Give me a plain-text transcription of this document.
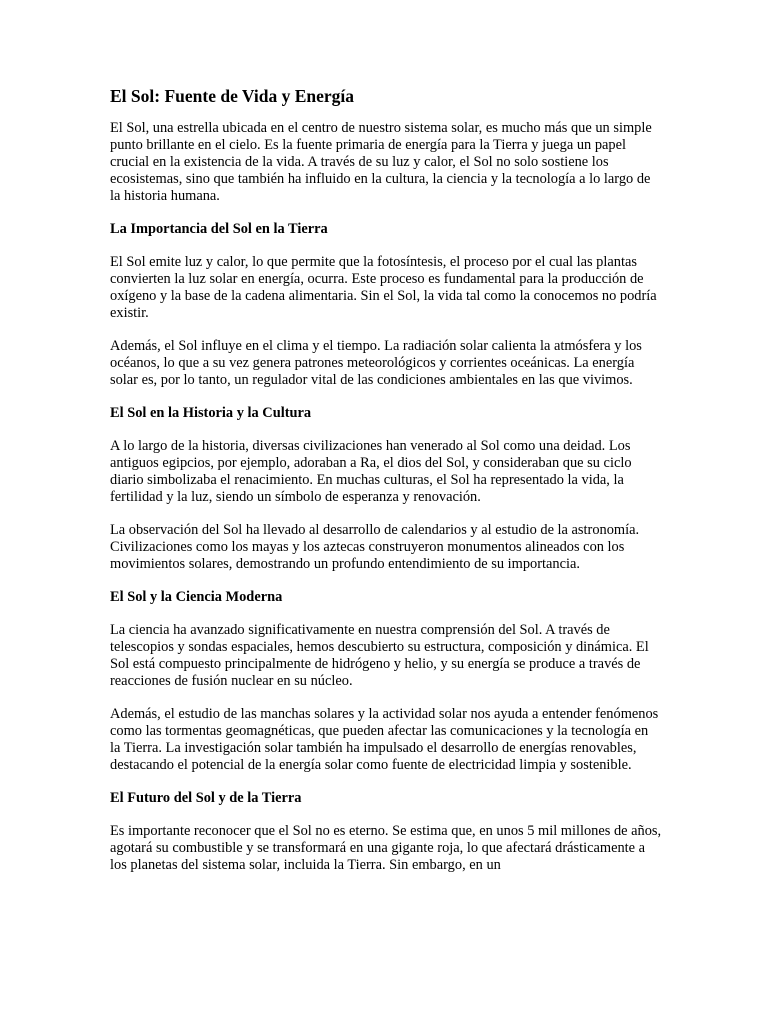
El Sol: Fuente de Vida y Energía

El Sol, una estrella ubicada en el centro de nuestro sistema solar, es mucho más que un simple punto brillante en el cielo. Es la fuente primaria de energía para la Tierra y juega un papel crucial en la existencia de la vida. A través de su luz y calor, el Sol no solo sostiene los ecosistemas, sino que también ha influido en la cultura, la ciencia y la tecnología a lo largo de la historia humana.

La Importancia del Sol en la Tierra

El Sol emite luz y calor, lo que permite que la fotosíntesis, el proceso por el cual las plantas convierten la luz solar en energía, ocurra. Este proceso es fundamental para la producción de oxígeno y la base de la cadena alimentaria. Sin el Sol, la vida tal como la conocemos no podría existir.

Además, el Sol influye en el clima y el tiempo. La radiación solar calienta la atmósfera y los océanos, lo que a su vez genera patrones meteorológicos y corrientes oceánicas. La energía solar es, por lo tanto, un regulador vital de las condiciones ambientales en las que vivimos.

El Sol en la Historia y la Cultura

A lo largo de la historia, diversas civilizaciones han venerado al Sol como una deidad. Los antiguos egipcios, por ejemplo, adoraban a Ra, el dios del Sol, y consideraban que su ciclo diario simbolizaba el renacimiento. En muchas culturas, el Sol ha representado la vida, la fertilidad y la luz, siendo un símbolo de esperanza y renovación.

La observación del Sol ha llevado al desarrollo de calendarios y al estudio de la astronomía. Civilizaciones como los mayas y los aztecas construyeron monumentos alineados con los movimientos solares, demostrando un profundo entendimiento de su importancia.

El Sol y la Ciencia Moderna

La ciencia ha avanzado significativamente en nuestra comprensión del Sol. A través de telescopios y sondas espaciales, hemos descubierto su estructura, composición y dinámica. El Sol está compuesto principalmente de hidrógeno y helio, y su energía se produce a través de reacciones de fusión nuclear en su núcleo.

Además, el estudio de las manchas solares y la actividad solar nos ayuda a entender fenómenos como las tormentas geomagnéticas, que pueden afectar las comunicaciones y la tecnología en la Tierra. La investigación solar también ha impulsado el desarrollo de energías renovables, destacando el potencial de la energía solar como fuente de electricidad limpia y sostenible.

El Futuro del Sol y de la Tierra

Es importante reconocer que el Sol no es eterno. Se estima que, en unos 5 mil millones de años, agotará su combustible y se transformará en una gigante roja, lo que afectará drásticamente a los planetas del sistema solar, incluida la Tierra. Sin embargo, en un
